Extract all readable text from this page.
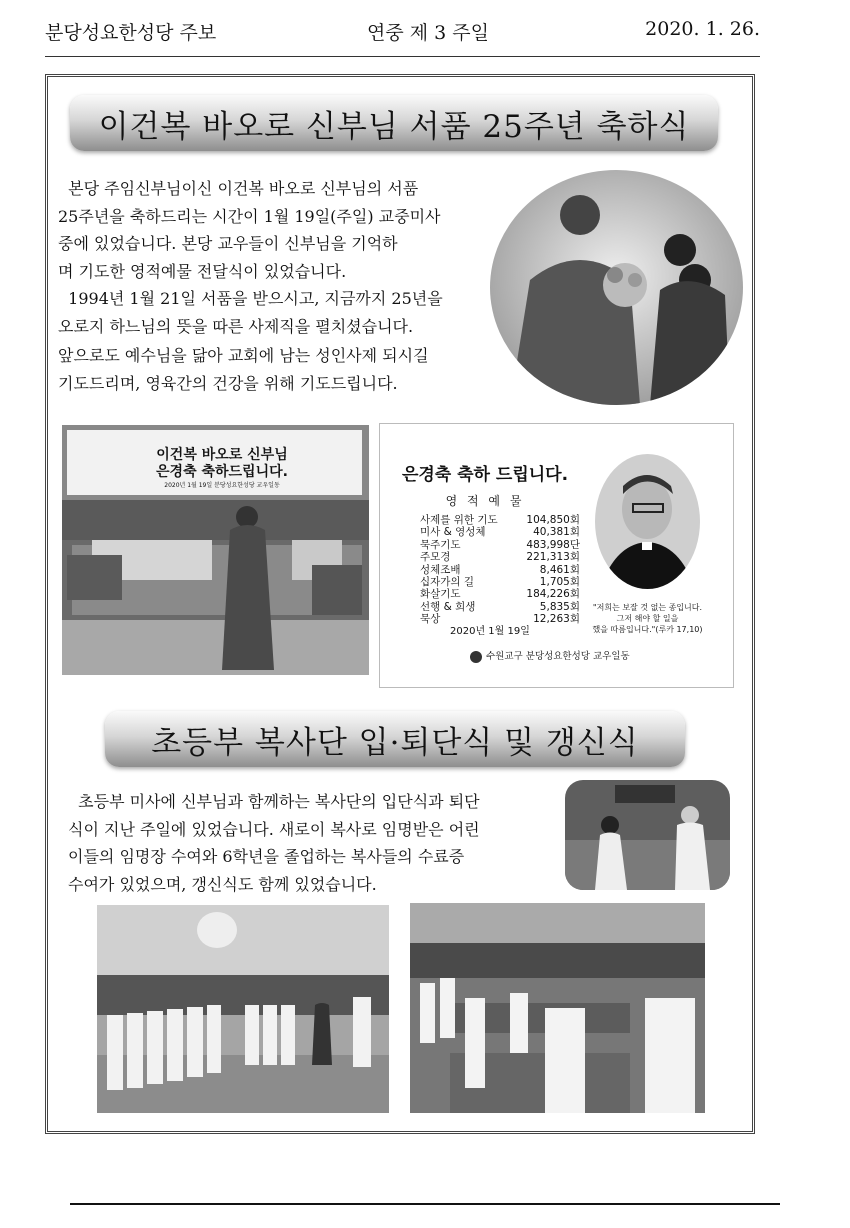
분당성요한성당 주보	연중 제 3 주일	2020. 1. 26.
이건복 바오로 신부님 서품 25주년 축하식

본당 주임신부님이신 이건복 바오로 신부님의 서품

25주년을 축하드리는 시간이 1월 19일(주일) 교중미사

중에 있었습니다. 본당 교우들이 신부님을 기억하

며 기도한 영적예물 전달식이 있었습니다.

1994년 1월 21일 서품을 받으시고, 지금까지 25년을

오로지 하느님의 뜻을 따른 사제직을 펼치셨습니다.

앞으로도 예수님을 닮아 교회에 남는 성인사제 되시길

기도드리며, 영육간의 건강을 위해 기도드립니다.

이건복 바오로 신부님
은경축 축하드립니다.
2020년 1월 19일 분당성요한성당 교우일동
은경축 축하 드립니다.
영 적 예 물
사제를 위한 기도	104,850회
미사 & 영성체	40,381회
묵주기도	483,998단
주모경	221,313회
성체조배	8,461회
십자가의 길	1,705회
화살기도	184,226회
선행 & 희생	5,835회
묵상	12,263회
2020년 1월 19일
"저희는 보잘 것 없는 종입니다.
그저 해야 할 일을
했을 따름입니다."(루카 17,10)
수원교구 분당성요한성당 교우일동
초등부 복사단 입·퇴단식 및 갱신식

초등부 미사에 신부님과 함께하는 복사단의 입단식과 퇴단

식이 지난 주일에 있었습니다. 새로이 복사로 임명받은 어린

이들의 임명장 수여와 6학년을 졸업하는 복사들의 수료증

수여가 있었으며, 갱신식도 함께 있었습니다.
